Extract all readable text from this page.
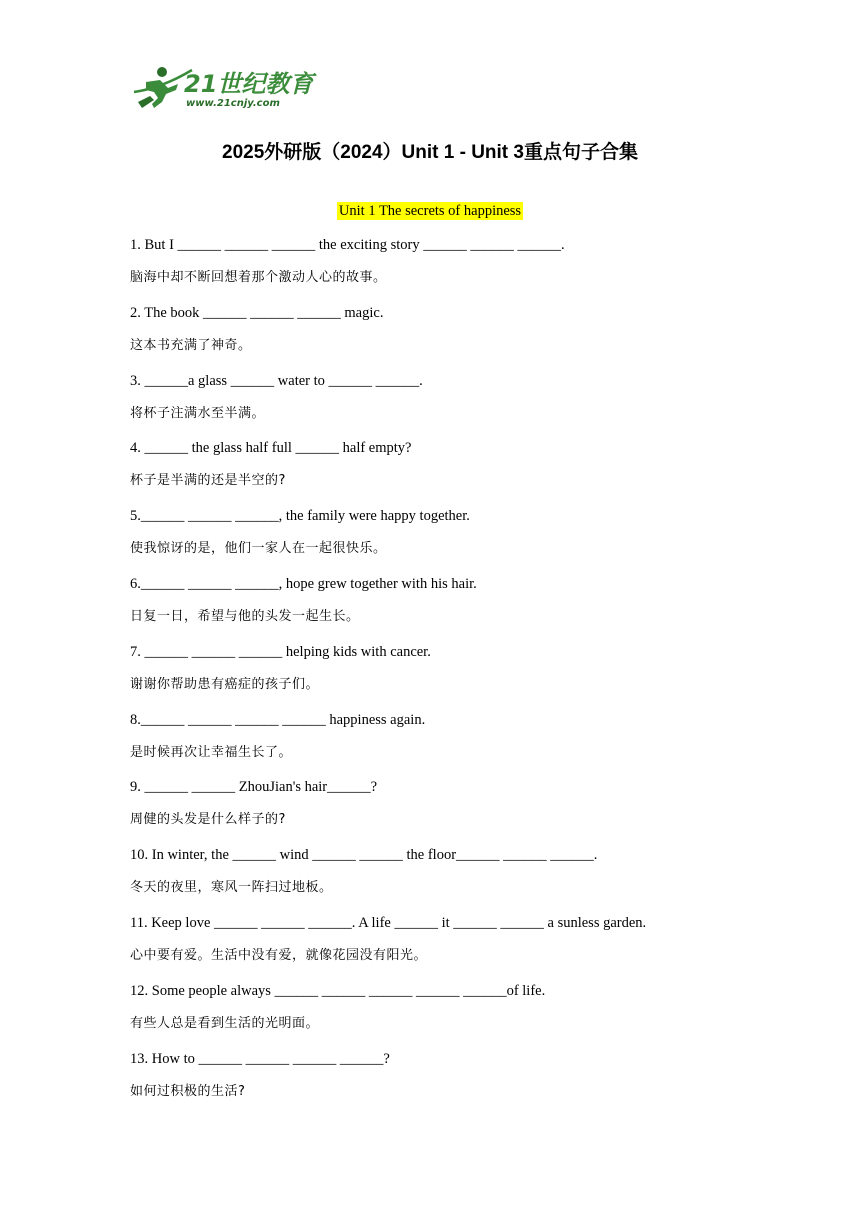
21世纪教育
www.21cnjy.com
2025外研版（2024）Unit 1 - Unit 3重点句子合集
Unit 1 The secrets of happiness
1. But I ______ ______ ______ the exciting story ______ ______ ______.
脑海中却不断回想着那个激动人心的故事。
2. The book ______ ______ ______ magic.
这本书充满了神奇。
3. ______a glass ______ water to ______ ______.
将杯子注满水至半满。
4. ______ the glass half full ______ half empty?
杯子是半满的还是半空的?
5.______ ______ ______, the family were happy together.
使我惊讶的是，他们一家人在一起很快乐。
6.______ ______ ______, hope grew together with his hair.
日复一日，希望与他的头发一起生长。
7. ______ ______ ______ helping kids with cancer.
谢谢你帮助患有癌症的孩子们。
8.______ ______ ______ ______ happiness again.
是时候再次让幸福生长了。
9. ______ ______ ZhouJian's hair______?
周健的头发是什么样子的?
10. In winter, the ______ wind ______ ______ the floor______ ______ ______.
冬天的夜里，寒风一阵扫过地板。
11. Keep love ______ ______ ______. A life ______ it ______ ______ a sunless garden.
心中要有爱。生活中没有爱，就像花园没有阳光。
12. Some people always ______ ______ ______ ______ ______of life.
有些人总是看到生活的光明面。
13. How to ______ ______ ______ ______?
如何过积极的生活?
